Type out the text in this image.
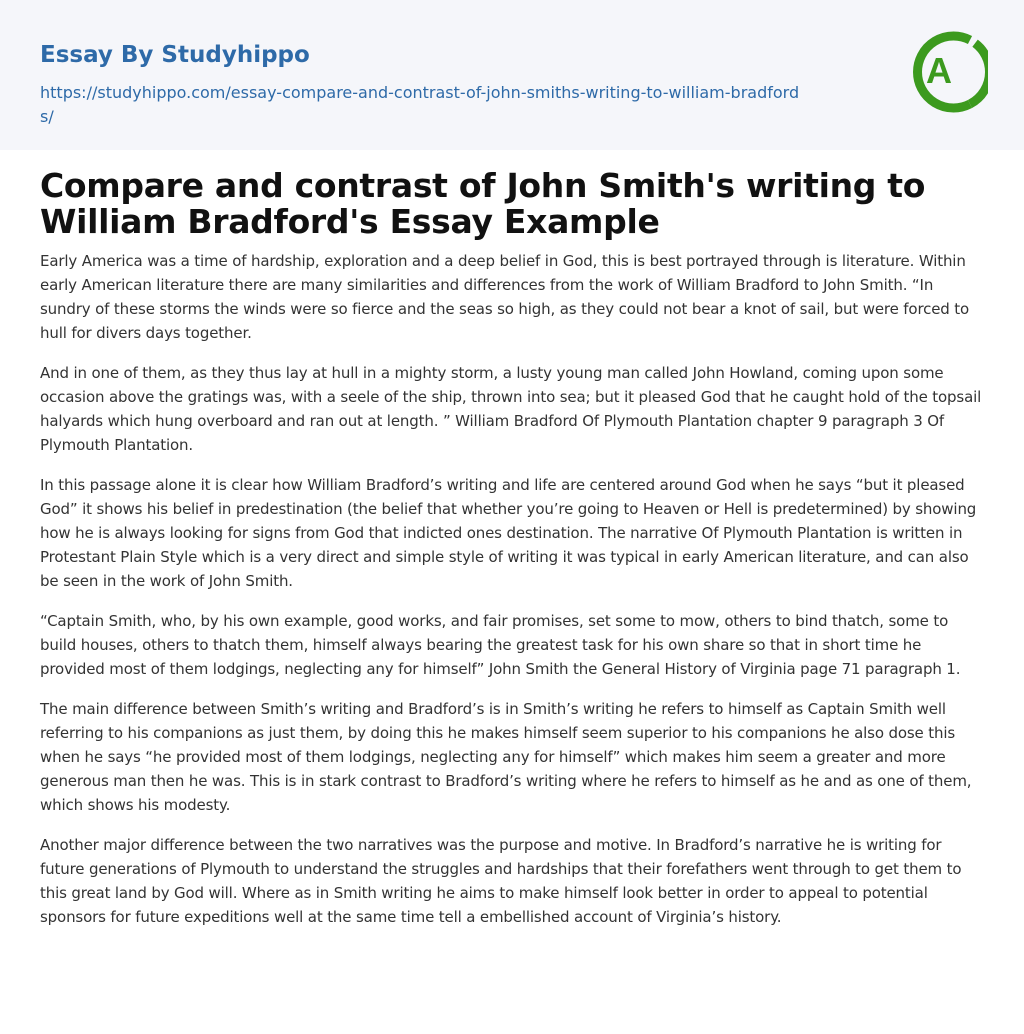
Essay By Studyhippo
https://studyhippo.com/essay-compare-and-contrast-of-john-smiths-writing-to-william-bradfords/
A
Compare and contrast of John Smith's writing to William Bradford's Essay Example

Early America was a time of hardship, exploration and a deep belief in God, this is best portrayed through is literature. Within early American literature there are many similarities and differences from the work of William Bradford to John Smith. “In sundry of these storms the winds were so fierce and the seas so high, as they could not bear a knot of sail, but were forced to hull for divers days together.

And in one of them, as they thus lay at hull in a mighty storm, a lusty young man called John Howland, coming upon some occasion above the gratings was, with a seele of the ship, thrown into sea; but it pleased God that he caught hold of the topsail halyards which hung overboard and ran out at length. ” William Bradford Of Plymouth Plantation chapter 9 paragraph 3 Of Plymouth Plantation.

In this passage alone it is clear how William Bradford’s writing and life are centered around God when he says “but it pleased God” it shows his belief in predestination (the belief that whether you’re going to Heaven or Hell is predetermined) by showing how he is always looking for signs from God that indicted ones destination. The narrative Of Plymouth Plantation is written in Protestant Plain Style which is a very direct and simple style of writing it was typical in early American literature, and can also be seen in the work of John Smith.

“Captain Smith, who, by his own example, good works, and fair promises, set some to mow, others to bind thatch, some to build houses, others to thatch them, himself always bearing the greatest task for his own share so that in short time he provided most of them lodgings, neglecting any for himself” John Smith the General History of Virginia page 71 paragraph 1.

The main difference between Smith’s writing and Bradford’s is in Smith’s writing he refers to himself as Captain Smith well referring to his companions as just them, by doing this he makes himself seem superior to his companions he also dose this when he says “he provided most of them lodgings, neglecting any for himself” which makes him seem a greater and more generous man then he was. This is in stark contrast to Bradford’s writing where he refers to himself as he and as one of them, which shows his modesty.

Another major difference between the two narratives was the purpose and motive. In Bradford’s narrative he is writing for future generations of Plymouth to understand the struggles and hardships that their forefathers went through to get them to this great land by God will. Where as in Smith writing he aims to make himself look better in order to appeal to potential sponsors for future expeditions well at the same time tell a embellished account of Virginia’s history.
